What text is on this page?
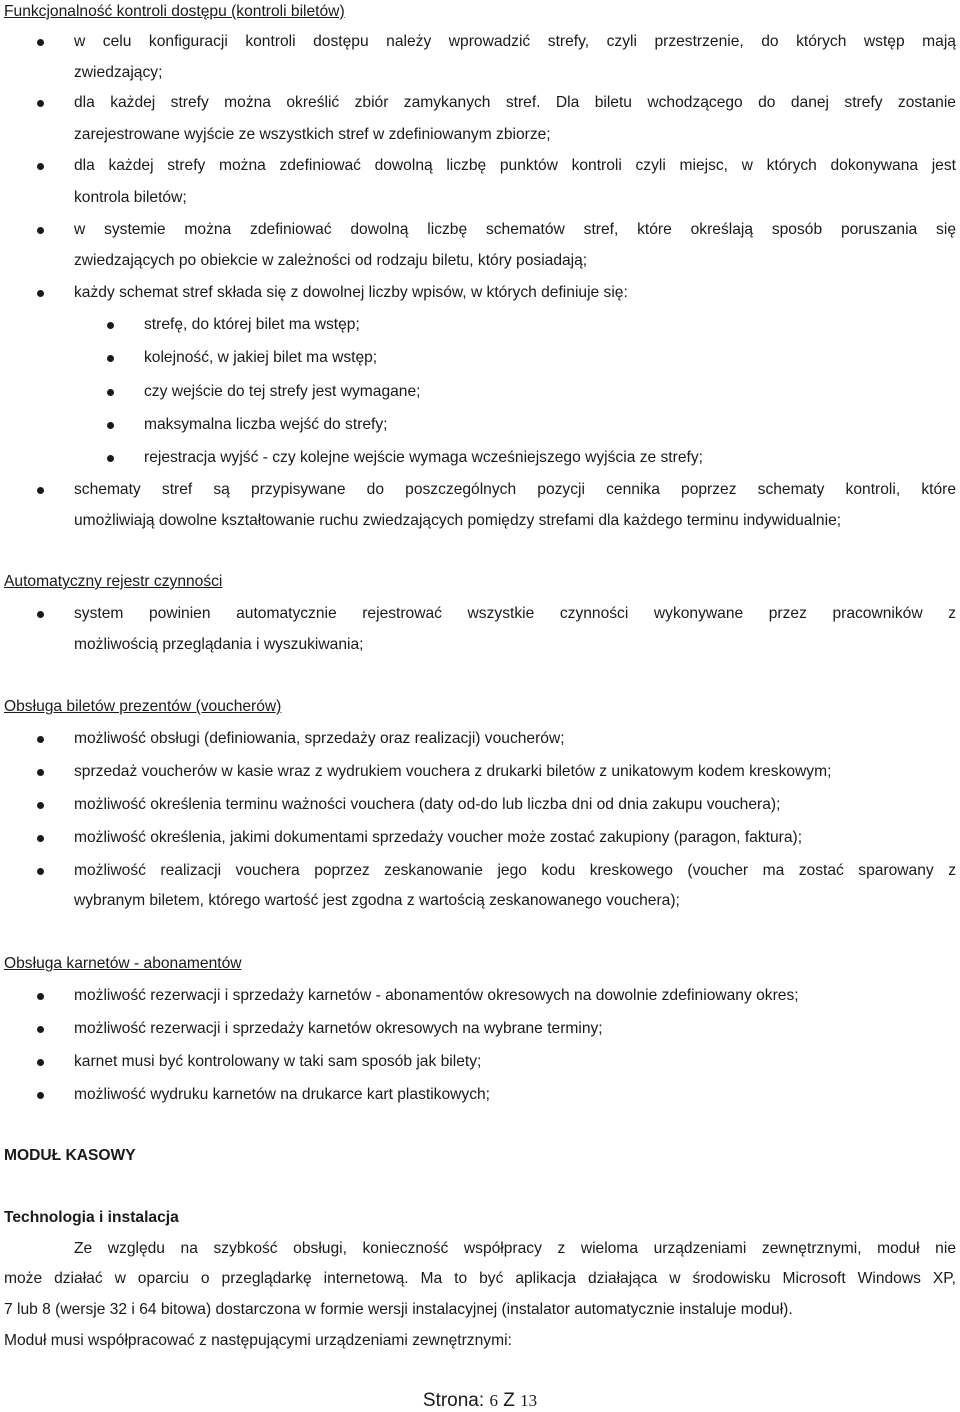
Funkcjonalność kontroli dostępu (kontroli biletów)
w celu konfiguracji kontroli dostępu należy wprowadzić strefy, czyli przestrzenie, do których wstęp mają
zwiedzający;
dla każdej strefy można określić zbiór zamykanych stref. Dla biletu wchodzącego do danej strefy zostanie
zarejestrowane wyjście ze wszystkich stref w zdefiniowanym zbiorze;
dla każdej strefy można zdefiniować dowolną liczbę punktów kontroli czyli miejsc, w których dokonywana jest
kontrola biletów;
w systemie można zdefiniować dowolną liczbę schematów stref, które określają sposób poruszania się
zwiedzających po obiekcie w zależności od rodzaju biletu, który posiadają;
każdy schemat stref składa się z dowolnej liczby wpisów, w których definiuje się:
strefę, do której bilet ma wstęp;
kolejność, w jakiej bilet ma wstęp;
czy wejście do tej strefy jest wymagane;
maksymalna liczba wejść do strefy;
rejestracja wyjść - czy kolejne wejście wymaga wcześniejszego wyjścia ze strefy;
schematy stref są przypisywane do poszczególnych pozycji cennika poprzez schematy kontroli, które
umożliwiają dowolne kształtowanie ruchu zwiedzających pomiędzy strefami dla każdego terminu indywidualnie;
Automatyczny rejestr czynności
system powinien automatycznie rejestrować wszystkie czynności wykonywane przez pracowników z
możliwością przeglądania i wyszukiwania;
Obsługa biletów prezentów (voucherów)
możliwość obsługi (definiowania, sprzedaży oraz realizacji) voucherów;
sprzedaż voucherów w kasie wraz z wydrukiem vouchera z drukarki biletów z unikatowym kodem kreskowym;
możliwość określenia terminu ważności vouchera (daty od-do lub liczba dni od dnia zakupu vouchera);
możliwość określenia, jakimi dokumentami sprzedaży voucher może zostać zakupiony (paragon, faktura);
możliwość realizacji vouchera poprzez zeskanowanie jego kodu kreskowego (voucher ma zostać sparowany z
wybranym biletem, którego wartość jest zgodna z wartością zeskanowanego vouchera);
Obsługa karnetów - abonamentów
możliwość rezerwacji i sprzedaży karnetów - abonamentów okresowych na dowolnie zdefiniowany okres;
możliwość rezerwacji i sprzedaży karnetów okresowych na wybrane terminy;
karnet musi być kontrolowany w taki sam sposób jak bilety;
możliwość wydruku karnetów na drukarce kart plastikowych;
MODUŁ KASOWY
Technologia i instalacja
Ze względu na szybkość obsługi, konieczność współpracy z wieloma urządzeniami zewnętrznymi, moduł nie
może działać w oparciu o przeglądarkę internetową. Ma to być aplikacja działająca w środowisku Microsoft Windows XP,
7 lub 8 (wersje 32 i 64 bitowa) dostarczona w formie wersji instalacyjnej (instalator automatycznie instaluje moduł).
Moduł musi współpracować z następującymi urządzeniami zewnętrznymi:
Strona: 6 Z 13
